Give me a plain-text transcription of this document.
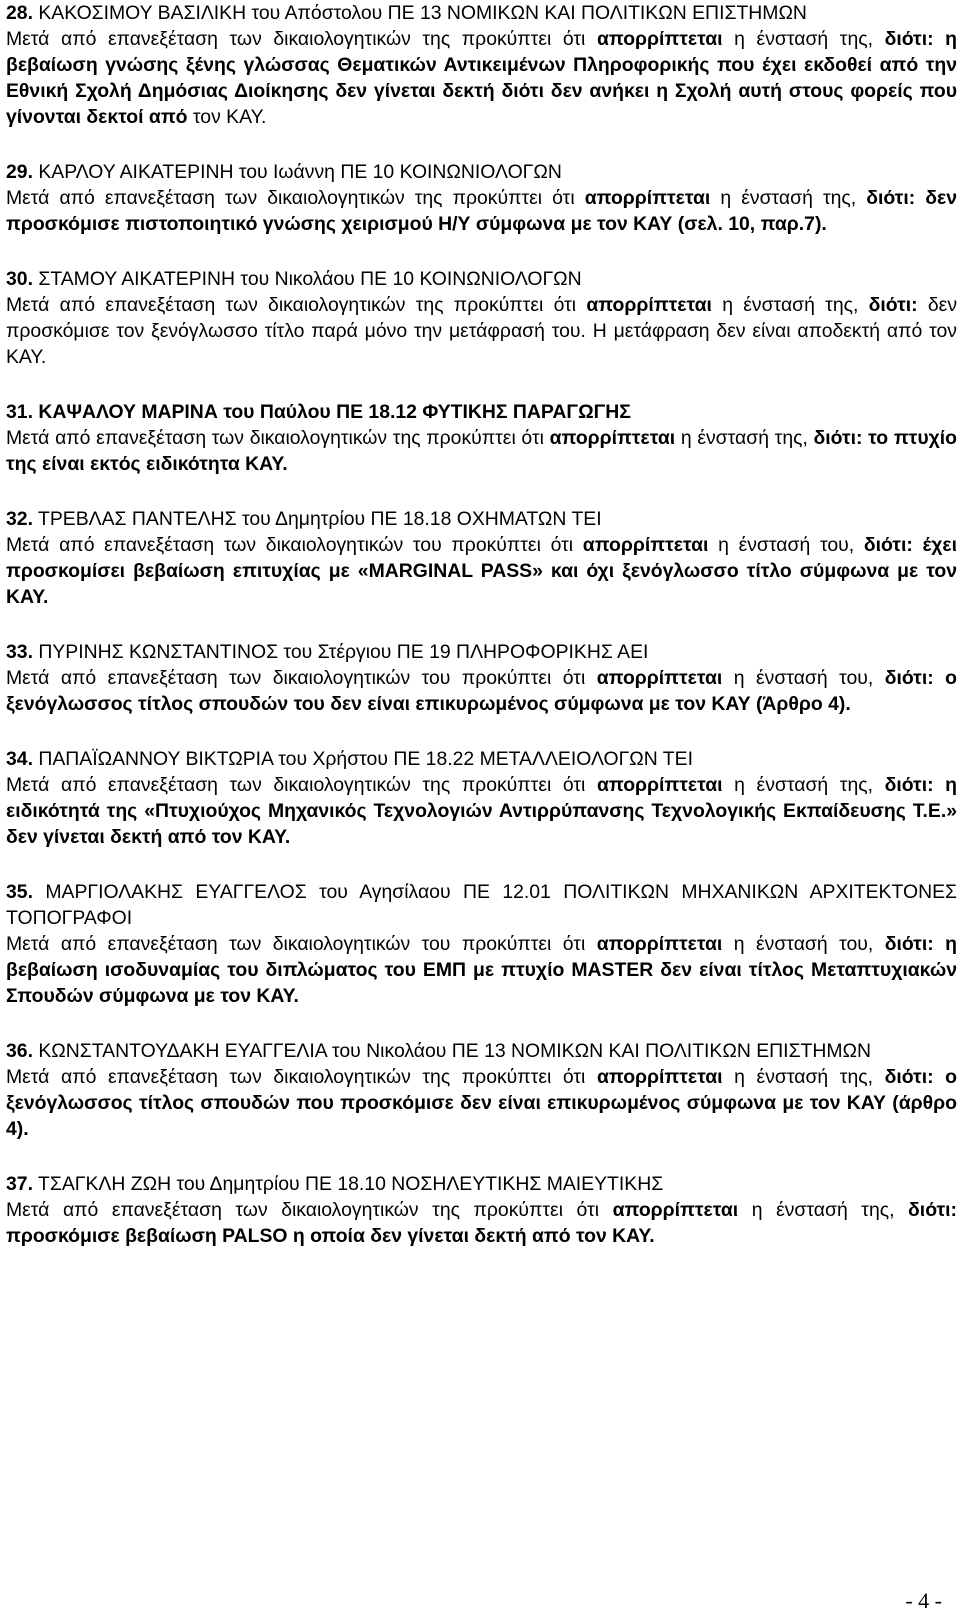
28. ΚΑΚΟΣΙΜΟΥ ΒΑΣΙΛΙΚΗ του Απόστολου ΠΕ 13 ΝΟΜΙΚΩΝ ΚΑΙ ΠΟΛΙΤΙΚΩΝ ΕΠΙΣΤΗΜΩΝ

Μετά από επανεξέταση των δικαιολογητικών της προκύπτει ότι απορρίπτεται η ένστασή της, διότι: η βεβαίωση γνώσης ξένης γλώσσας Θεματικών Αντικειμένων Πληροφορικής που έχει εκδοθεί από την Εθνική Σχολή Δημόσιας Διοίκησης δεν γίνεται δεκτή διότι δεν ανήκει η Σχολή αυτή στους φορείς που γίνονται δεκτοί από τον ΚΑΥ.

29. ΚΑΡΛΟΥ ΑΙΚΑΤΕΡΙΝΗ του Ιωάννη ΠΕ 10 ΚΟΙΝΩΝΙΟΛΟΓΩΝ

Μετά από επανεξέταση των δικαιολογητικών της προκύπτει ότι απορρίπτεται η ένστασή της, διότι: δεν προσκόμισε πιστοποιητικό γνώσης χειρισμού Η/Υ σύμφωνα με τον ΚΑΥ (σελ. 10, παρ.7).

30. ΣΤΑΜΟΥ ΑΙΚΑΤΕΡΙΝΗ του Νικολάου ΠΕ 10 ΚΟΙΝΩΝΙΟΛΟΓΩΝ

Μετά από επανεξέταση των δικαιολογητικών της προκύπτει ότι απορρίπτεται η ένστασή της, διότι: δεν προσκόμισε τον ξενόγλωσσο τίτλο παρά μόνο την μετάφρασή του. Η μετάφραση δεν είναι αποδεκτή από τον ΚΑΥ.

31. ΚΑΨΑΛΟΥ ΜΑΡΙΝΑ του Παύλου ΠΕ 18.12 ΦΥΤΙΚΗΣ ΠΑΡΑΓΩΓΗΣ

Μετά από επανεξέταση των δικαιολογητικών της προκύπτει ότι απορρίπτεται η ένστασή της, διότι: το πτυχίο της είναι εκτός ειδικότητα ΚΑΥ.

32. ΤΡΕΒΛΑΣ ΠΑΝΤΕΛΗΣ του Δημητρίου ΠΕ 18.18 ΟΧΗΜΑΤΩΝ ΤΕΙ

Μετά από επανεξέταση των δικαιολογητικών του προκύπτει ότι απορρίπτεται η ένστασή του, διότι: έχει προσκομίσει βεβαίωση επιτυχίας με «MARGINAL PASS» και όχι ξενόγλωσσο τίτλο σύμφωνα με τον ΚΑΥ.

33. ΠΥΡΙΝΗΣ ΚΩΝΣΤΑΝΤΙΝΟΣ του Στέργιου ΠΕ 19 ΠΛΗΡΟΦΟΡΙΚΗΣ ΑΕΙ

Μετά από επανεξέταση των δικαιολογητικών του προκύπτει ότι απορρίπτεται η ένστασή του, διότι: ο ξενόγλωσσος τίτλος σπουδών του δεν είναι επικυρωμένος σύμφωνα με τον ΚΑΥ (Άρθρο 4).

34. ΠΑΠΑΪΩΑΝΝΟΥ ΒΙΚΤΩΡΙΑ του Χρήστου ΠΕ 18.22 ΜΕΤΑΛΛΕΙΟΛΟΓΩΝ ΤΕΙ

Μετά από επανεξέταση των δικαιολογητικών της προκύπτει ότι απορρίπτεται η ένστασή της, διότι: η ειδικότητά της «Πτυχιούχος Μηχανικός Τεχνολογιών Αντιρρύπανσης Τεχνολογικής Εκπαίδευσης Τ.Ε.» δεν γίνεται δεκτή από τον ΚΑΥ.

35. ΜΑΡΓΙΟΛΑΚΗΣ ΕΥΑΓΓΕΛΟΣ του Αγησίλαου ΠΕ 12.01 ΠΟΛΙΤΙΚΩΝ ΜΗΧΑΝΙΚΩΝ ΑΡΧΙΤΕΚΤΟΝΕΣ ΤΟΠΟΓΡΑΦΟΙ

Μετά από επανεξέταση των δικαιολογητικών του προκύπτει ότι απορρίπτεται η ένστασή του, διότι: η βεβαίωση ισοδυναμίας του διπλώματος του ΕΜΠ με πτυχίο MASTER δεν είναι τίτλος Μεταπτυχιακών Σπουδών σύμφωνα με τον ΚΑΥ.

36. ΚΩΝΣΤΑΝΤΟΥΔΑΚΗ ΕΥΑΓΓΕΛΙΑ του Νικολάου ΠΕ 13 ΝΟΜΙΚΩΝ ΚΑΙ ΠΟΛΙΤΙΚΩΝ ΕΠΙΣΤΗΜΩΝ

Μετά από επανεξέταση των δικαιολογητικών της προκύπτει ότι απορρίπτεται η ένστασή της, διότι: ο ξενόγλωσσος τίτλος σπουδών που προσκόμισε δεν είναι επικυρωμένος σύμφωνα με τον ΚΑΥ (άρθρο 4).

37. ΤΣΑΓΚΛΗ ΖΩΗ του Δημητρίου ΠΕ 18.10 ΝΟΣΗΛΕΥΤΙΚΗΣ ΜΑΙΕΥΤΙΚΗΣ

Μετά από επανεξέταση των δικαιολογητικών της προκύπτει ότι απορρίπτεται η ένστασή της, διότι: προσκόμισε βεβαίωση PALSO η οποία δεν γίνεται δεκτή από τον ΚΑΥ.

- 4 -
